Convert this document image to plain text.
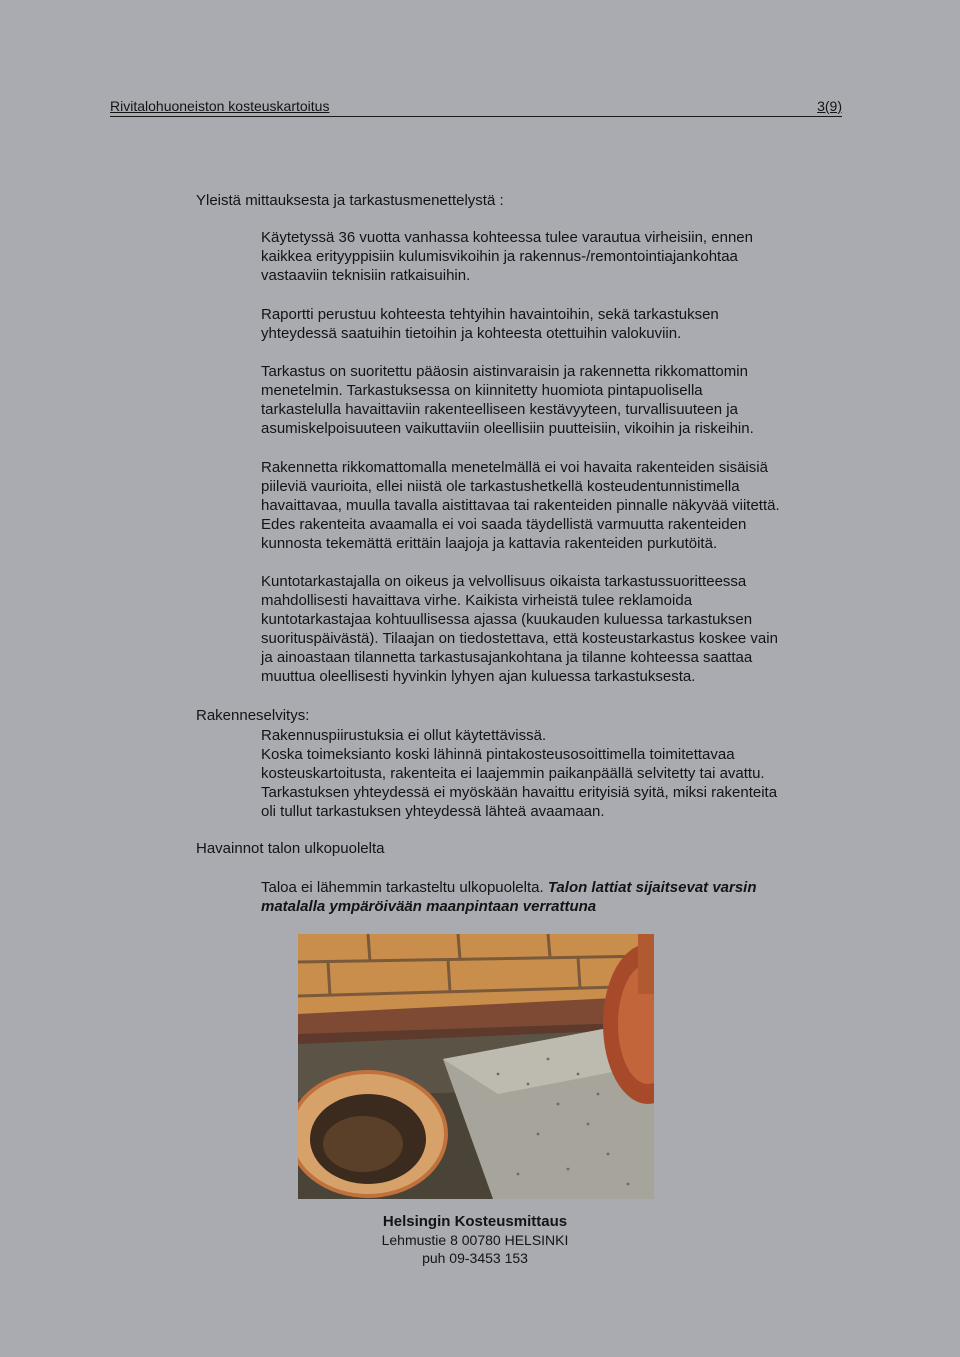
Rivitalohuoneiston kosteuskartoitus	3(9)
Yleistä mittauksesta ja tarkastusmenettelystä :

Käytetyssä 36 vuotta vanhassa kohteessa tulee varautua virheisiin, ennen

kaikkea erityyppisiin kulumisvikoihin ja rakennus-/remontointiajankohtaa

vastaaviin teknisiin ratkaisuihin.

Raportti perustuu kohteesta tehtyihin havaintoihin, sekä tarkastuksen

yhteydessä saatuihin tietoihin ja kohteesta otettuihin valokuviin.

Tarkastus on suoritettu pääosin aistinvaraisin ja rakennetta rikkomattomin

menetelmin. Tarkastuksessa on kiinnitetty huomiota pintapuolisella

tarkastelulla havaittaviin rakenteelliseen kestävyyteen, turvallisuuteen ja

asumiskelpoisuuteen vaikuttaviin oleellisiin puutteisiin, vikoihin ja riskeihin.

Rakennetta rikkomattomalla menetelmällä ei voi havaita rakenteiden sisäisiä

piileviä vaurioita, ellei niistä ole tarkastushetkellä kosteudentunnistimella

havaittavaa, muulla tavalla aistittavaa tai rakenteiden pinnalle näkyvää viitettä.

Edes rakenteita avaamalla ei voi saada täydellistä varmuutta rakenteiden

kunnosta tekemättä erittäin laajoja ja kattavia rakenteiden purkutöitä.

Kuntotarkastajalla on oikeus ja velvollisuus oikaista tarkastussuoritteessa

mahdollisesti havaittava virhe. Kaikista virheistä tulee reklamoida

kuntotarkastajaa kohtuullisessa ajassa (kuukauden kuluessa tarkastuksen

suorituspäivästä). Tilaajan on tiedostettava, että kosteustarkastus koskee vain

ja ainoastaan tilannetta tarkastusajankohtana ja tilanne kohteessa saattaa

muuttua oleellisesti hyvinkin lyhyen ajan kuluessa tarkastuksesta.

Rakenneselvitys:

Rakennuspiirustuksia ei ollut käytettävissä.

Koska toimeksianto koski lähinnä pintakosteusosoittimella toimitettavaa

kosteuskartoitusta, rakenteita ei laajemmin paikanpäällä selvitetty tai avattu.

Tarkastuksen yhteydessä ei myöskään havaittu erityisiä syitä, miksi rakenteita

oli tullut tarkastuksen yhteydessä lähteä avaamaan.

Havainnot talon ulkopuolelta

Taloa ei lähemmin tarkasteltu ulkopuolelta. Talon lattiat sijaitsevat varsin

matalalla ympäröivään maanpintaan verrattuna

Helsingin Kosteusmittaus
Lehmustie 8 00780 HELSINKI
puh 09-3453 153
